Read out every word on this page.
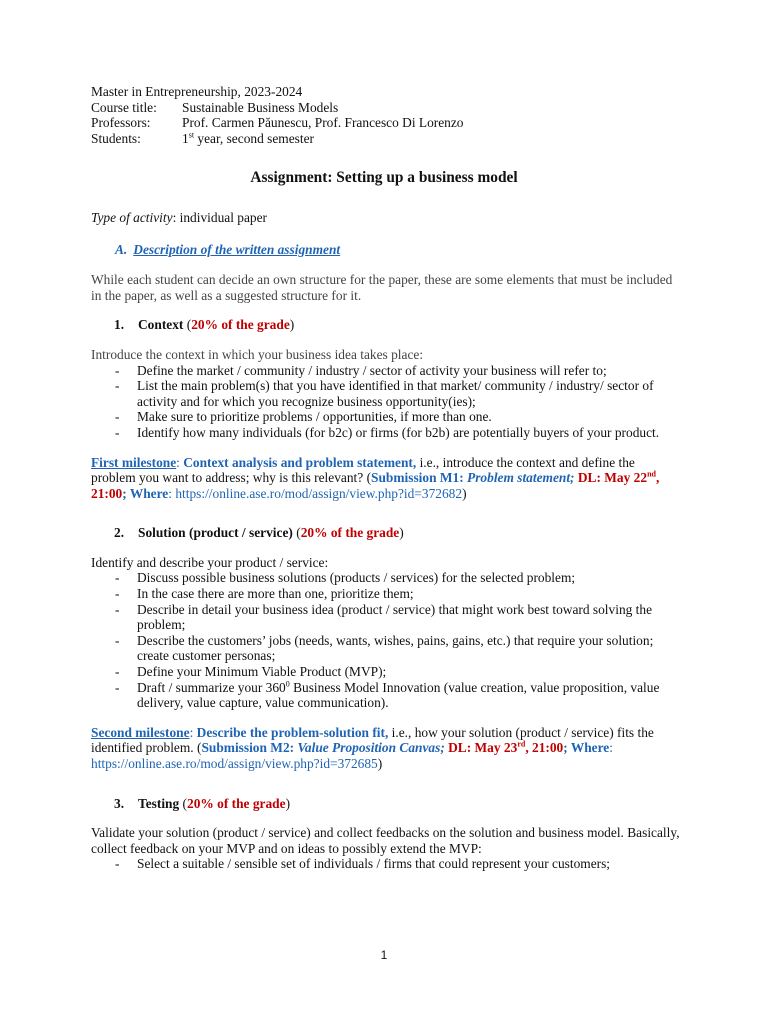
Master in Entrepreneurship, 2023-2024
Course title:	Sustainable Business Models
Professors:	Prof. Carmen Păunescu, Prof. Francesco Di Lorenzo
Students:	1st year, second semester
Assignment: Setting up a business model
Type of activity: individual paper
A. Description of the written assignment
While each student can decide an own structure for the paper, these are some elements that must be included in the paper, as well as a suggested structure for it.
1. Context (20% of the grade)
Introduce the context in which your business idea takes place:
- Define the market / community / industry / sector of activity your business will refer to;
- List the main problem(s) that you have identified in that market/ community / industry/ sector of activity and for which you recognize business opportunity(ies);
- Make sure to prioritize problems / opportunities, if more than one.
- Identify how many individuals (for b2c) or firms (for b2b) are potentially buyers of your product.
First milestone: Context analysis and problem statement, i.e., introduce the context and define the problem you want to address; why is this relevant? (Submission M1: Problem statement; DL: May 22nd, 21:00; Where: https://online.ase.ro/mod/assign/view.php?id=372682)
2. Solution (product / service) (20% of the grade)
Identify and describe your product / service:
- Discuss possible business solutions (products / services) for the selected problem;
- In the case there are more than one, prioritize them;
- Describe in detail your business idea (product / service) that might work best toward solving the problem;
- Describe the customers’ jobs (needs, wants, wishes, pains, gains, etc.) that require your solution; create customer personas;
- Define your Minimum Viable Product (MVP);
- Draft / summarize your $360^0$ Business Model Innovation (value creation, value proposition, value delivery, value capture, value communication).
Second milestone: Describe the problem-solution fit, i.e., how your solution (product / service) fits the identified problem. (Submission M2: Value Proposition Canvas; DL: May 23rd, 21:00; Where: https://online.ase.ro/mod/assign/view.php?id=372685)
3. Testing (20% of the grade)
Validate your solution (product / service) and collect feedbacks on the solution and business model. Basically, collect feedback on your MVP and on ideas to possibly extend the MVP:
- Select a suitable / sensible set of individuals / firms that could represent your customers;
1
